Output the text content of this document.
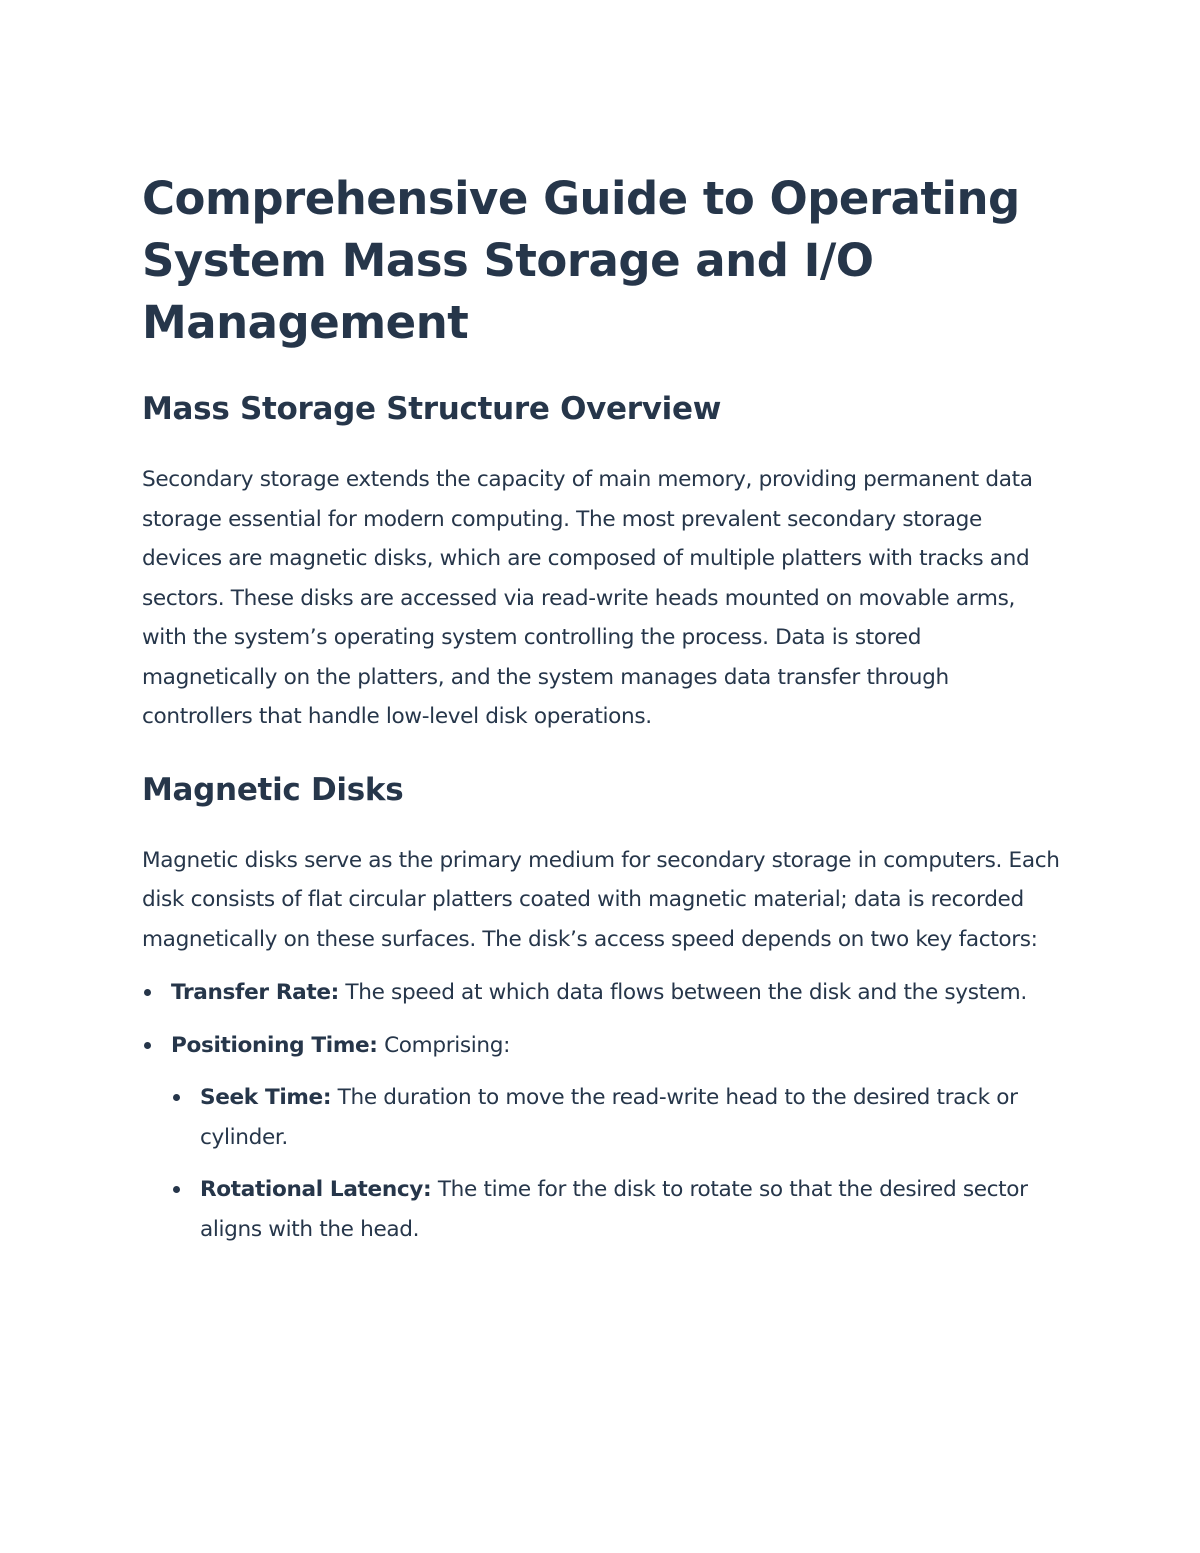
Comprehensive Guide to Operating System Mass Storage and I/O Management
Mass Storage Structure Overview

Secondary storage extends the capacity of main memory, providing permanent data storage essential for modern computing. The most prevalent secondary storage devices are magnetic disks, which are composed of multiple platters with tracks and sectors. These disks are accessed via read-write heads mounted on movable arms, with the system’s operating system controlling the process. Data is stored magnetically on the platters, and the system manages data transfer through controllers that handle low-level disk operations.

Magnetic Disks

Magnetic disks serve as the primary medium for secondary storage in computers. Each disk consists of flat circular platters coated with magnetic material; data is recorded magnetically on these surfaces. The disk’s access speed depends on two key factors:

Transfer Rate: The speed at which data flows between the disk and the system.
Positioning Time: Comprising:
Seek Time: The duration to move the read-write head to the desired track or cylinder.
Rotational Latency: The time for the disk to rotate so that the desired sector aligns with the head.
